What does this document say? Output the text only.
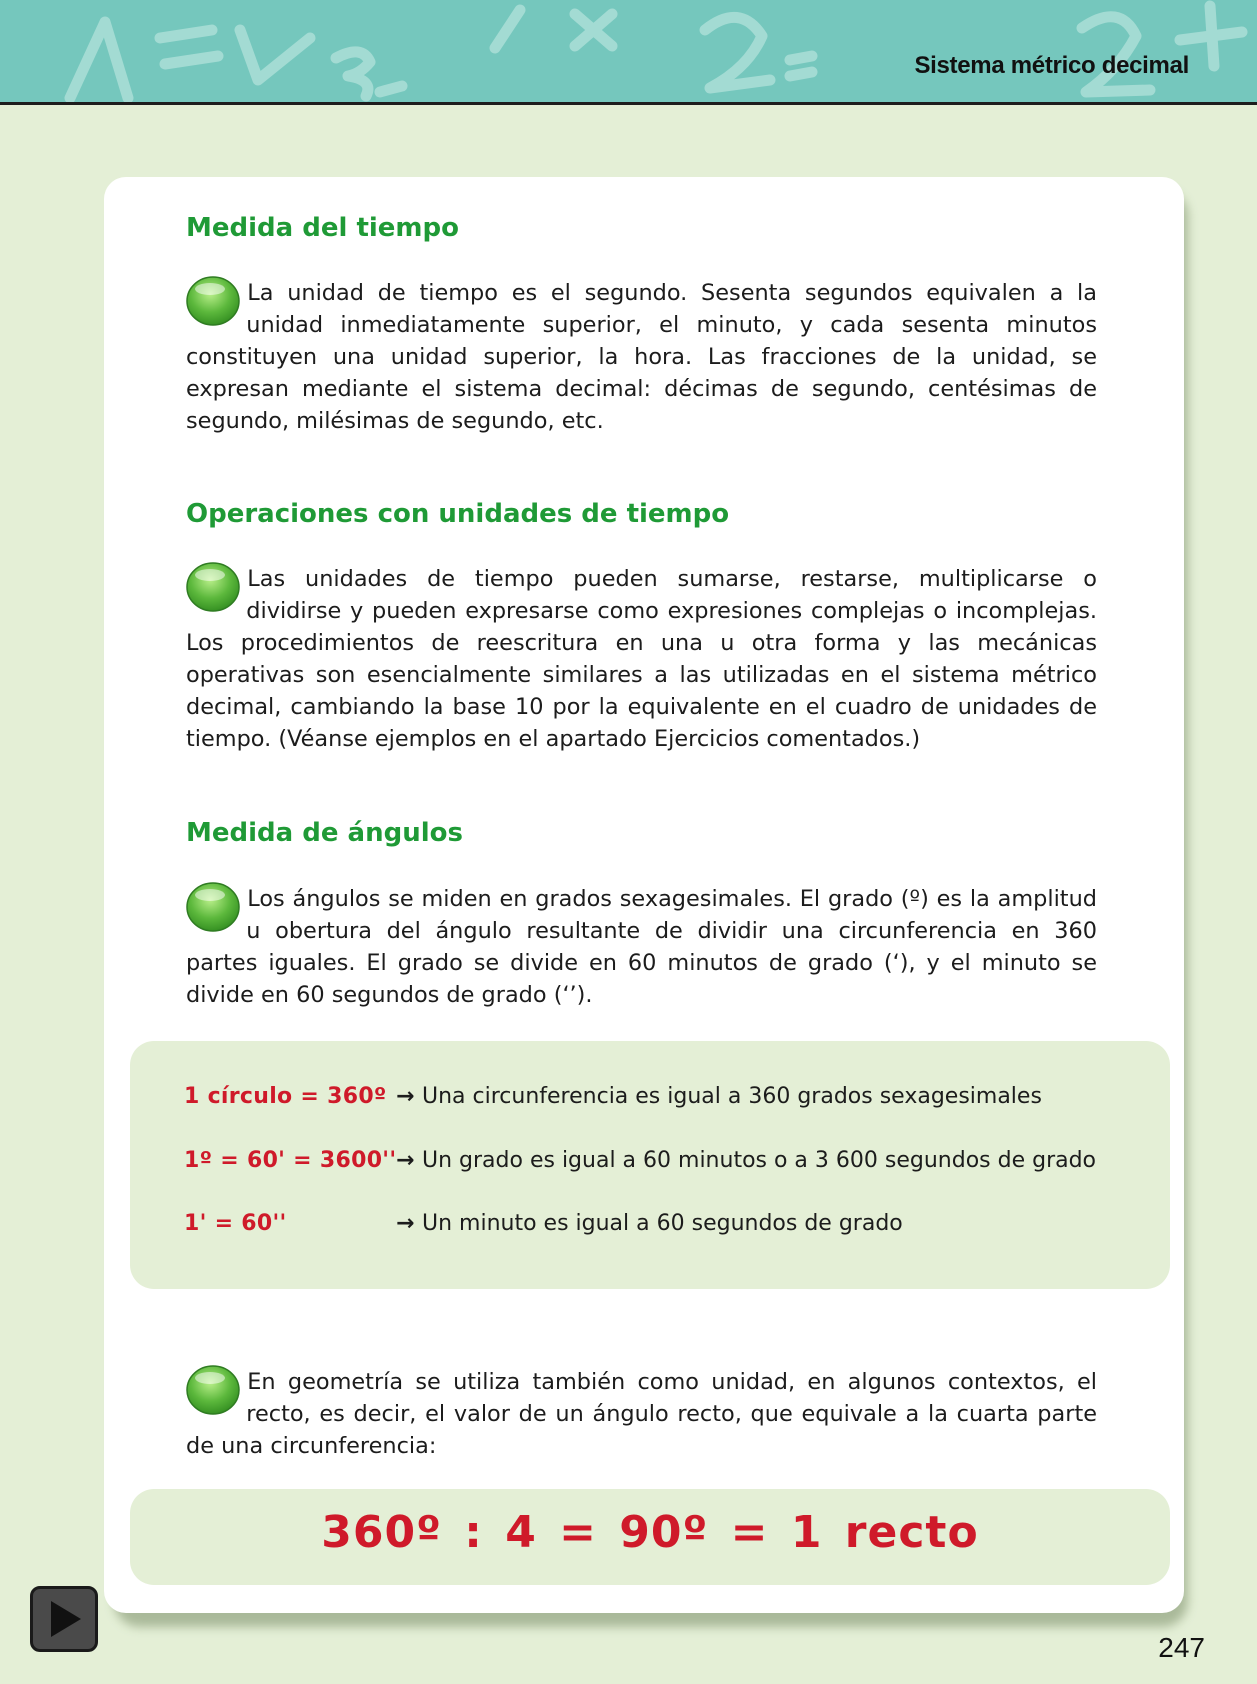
Sistema métrico decimal
Medida del tiempo
La unidad de tiempo es el segundo. Sesenta segundos equivalen a la unidad inmediatamente superior, el minuto, y cada sesenta minutos constituyen una unidad superior, la hora. Las fracciones de la unidad, se expresan mediante el sistema decimal: décimas de segundo, centésimas de segundo, milésimas de segundo, etc.
Operaciones con unidades de tiempo
Las unidades de tiempo pueden sumarse, restarse, multiplicarse o dividirse y pueden expresarse como expresiones complejas o incomplejas. Los procedimientos de reescritura en una u otra forma y las mecánicas operativas son esencialmente similares a las utilizadas en el sistema métrico decimal, cambiando la base 10 por la equivalente en el cuadro de unidades de tiempo. (Véanse ejemplos en el apartado Ejercicios comentados.)
Medida de ángulos
Los ángulos se miden en grados sexagesimales. El grado (º) es la amplitud u obertura del ángulo resultante de dividir una circunferencia en 360 partes iguales. El grado se divide en 60 minutos de grado (‘), y el minuto se divide en 60 segundos de grado (‘’).
1 círculo = 360º → Una circunferencia es igual a 360 grados sexagesimales
1º = 60' = 3600'' → Un grado es igual a 60 minutos o a 3 600 segundos de grado
1' = 60''	→ Un minuto es igual a 60 segundos de grado
En geometría se utiliza también como unidad, en algunos contextos, el recto, es decir, el valor de un ángulo recto, que equivale a la cuarta parte de una circunferencia:
360º : 4 = 90º = 1 recto
247
